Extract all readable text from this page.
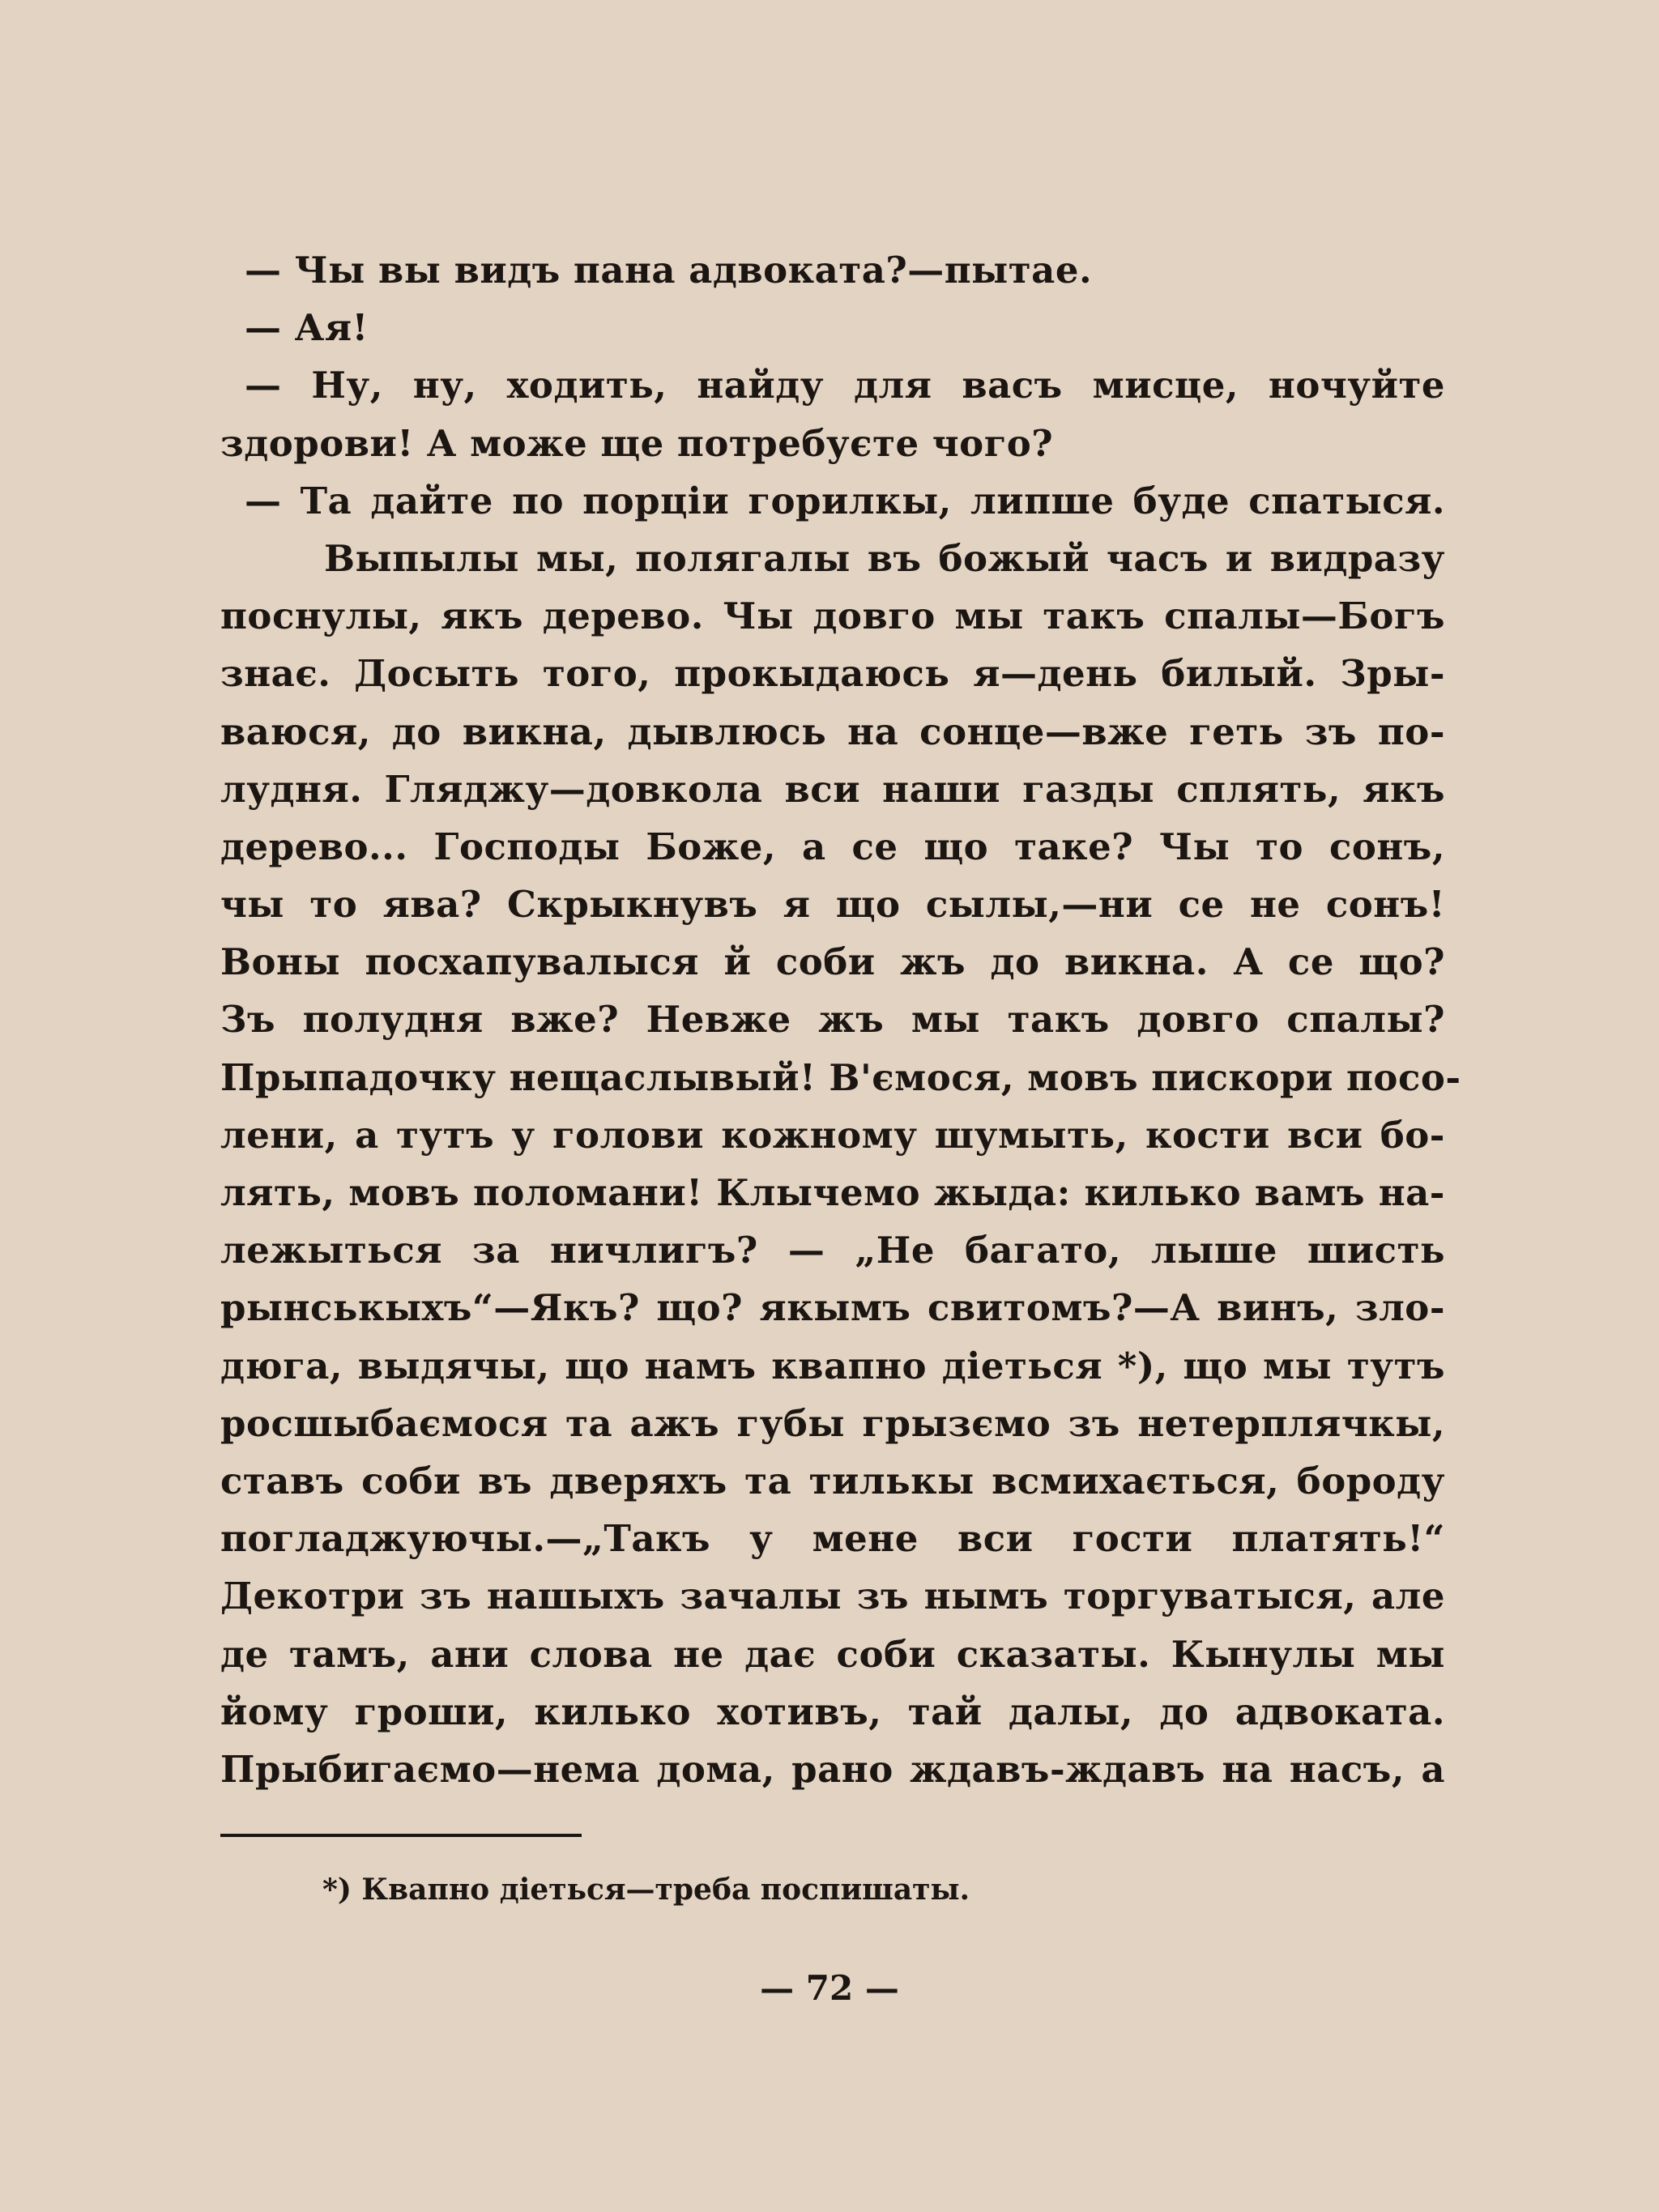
— Чы вы видъ пана адвоката?—пытае.
— Ая!
— Ну, ну, ходить, найду для васъ мисце, ночуйте
здорови! А може ще потребуєте чого?
— Та дайте по порціи горилкы, липше буде спатыся.
Выпылы мы, полягалы въ божый часъ и видразу
поснулы, якъ дерево. Чы довго мы такъ спалы—Богъ
знає. Досыть того, прокыдаюсь я—день билый. Зры-
ваюся, до викна, дывлюсь на сонце—вже геть зъ по-
лудня. Гляджу—довкола вси наши газды сплять, якъ
дерево... Господы Боже, а се що таке? Чы то сонъ,
чы то ява? Скрыкнувъ я що сылы,—ни се не сонъ!
Воны посхапувалыся й соби жъ до викна. А се що?
Зъ полудня вже? Невже жъ мы такъ довго спалы?
Прыпадочку нещаслывый! В'ємося, мовъ пискори посо-
лени, а тутъ у голови кожному шумыть, кости вси бо-
лять, мовъ поломани! Клычемо жыда: килько вамъ на-
лежыться за ничлигъ? — „Не багато, лыше шисть
рынськыхъ“—Якъ? що? якымъ свитомъ?—А винъ, зло-
дюга, выдячы, що намъ квапно діеться *), що мы тутъ
росшыбаємося та ажъ губы грызємо зъ нетерплячкы,
ставъ соби въ дверяхъ та тилькы всмихається, бороду
погладжуючы.—„Такъ у мене вси гости платять!“
Декотри зъ нашыхъ зачалы зъ нымъ торгуватыся, але
де тамъ, ани слова не дає соби сказаты. Кынулы мы
йому гроши, килько хотивъ, тай далы, до адвоката.
Прыбигаємо—нема дома, рано ждавъ-ждавъ на насъ, а
*) Квапно діеться—треба поспишаты.
— 72 —
